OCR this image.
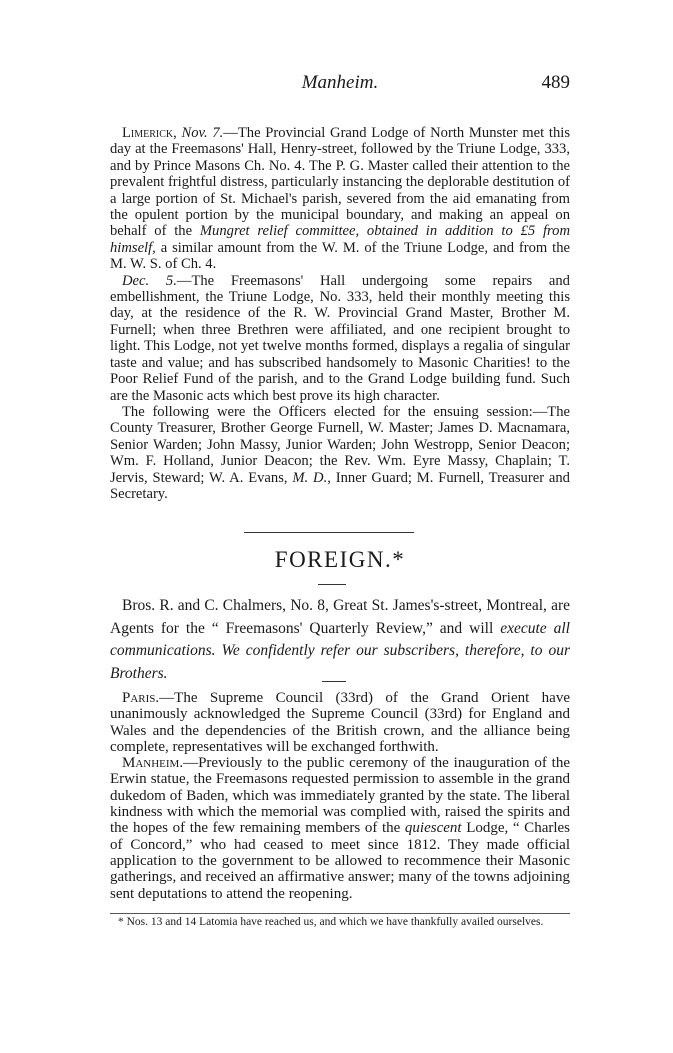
Manheim.	489

Limerick, Nov. 7.—The Provincial Grand Lodge of North Munster met this day at the Freemasons' Hall, Henry-street, followed by the Triune Lodge, 333, and by Prince Masons Ch. No. 4. The P. G. Master called their attention to the prevalent frightful distress, particularly instancing the deplorable destitution of a large portion of St. Michael's parish, severed from the aid emanating from the opulent portion by the municipal boundary, and making an appeal on behalf of the Mungret relief committee, obtained in addition to £5 from himself, a similar amount from the W. M. of the Triune Lodge, and from the M. W. S. of Ch. 4.

Dec. 5.—The Freemasons' Hall undergoing some repairs and embellishment, the Triune Lodge, No. 333, held their monthly meeting this day, at the residence of the R. W. Provincial Grand Master, Brother M. Furnell; when three Brethren were affiliated, and one recipient brought to light. This Lodge, not yet twelve months formed, displays a regalia of singular taste and value; and has subscribed handsomely to Masonic Charities! to the Poor Relief Fund of the parish, and to the Grand Lodge building fund. Such are the Masonic acts which best prove its high character.

The following were the Officers elected for the ensuing session:—The County Treasurer, Brother George Furnell, W. Master; James D. Macnamara, Senior Warden; John Massy, Junior Warden; John Westropp, Senior Deacon; Wm. F. Holland, Junior Deacon; the Rev. Wm. Eyre Massy, Chaplain; T. Jervis, Steward; W. A. Evans, M. D., Inner Guard; M. Furnell, Treasurer and Secretary.

FOREIGN.*

Bros. R. and C. Chalmers, No. 8, Great St. James's-street, Montreal, are Agents for the “ Freemasons' Quarterly Review,” and will execute all communications. We confidently refer our subscribers, therefore, to our Brothers.

Paris.—The Supreme Council (33rd) of the Grand Orient have unanimously acknowledged the Supreme Council (33rd) for England and Wales and the dependencies of the British crown, and the alliance being complete, representatives will be exchanged forthwith.

Manheim.—Previously to the public ceremony of the inauguration of the Erwin statue, the Freemasons requested permission to assemble in the grand dukedom of Baden, which was immediately granted by the state. The liberal kindness with which the memorial was complied with, raised the spirits and the hopes of the few remaining members of the quiescent Lodge, “ Charles of Concord,” who had ceased to meet since 1812. They made official application to the government to be allowed to recommence their Masonic gatherings, and received an affirmative answer; many of the towns adjoining sent deputations to attend the reopening.

* Nos. 13 and 14 Latomia have reached us, and which we have thankfully availed ourselves.
